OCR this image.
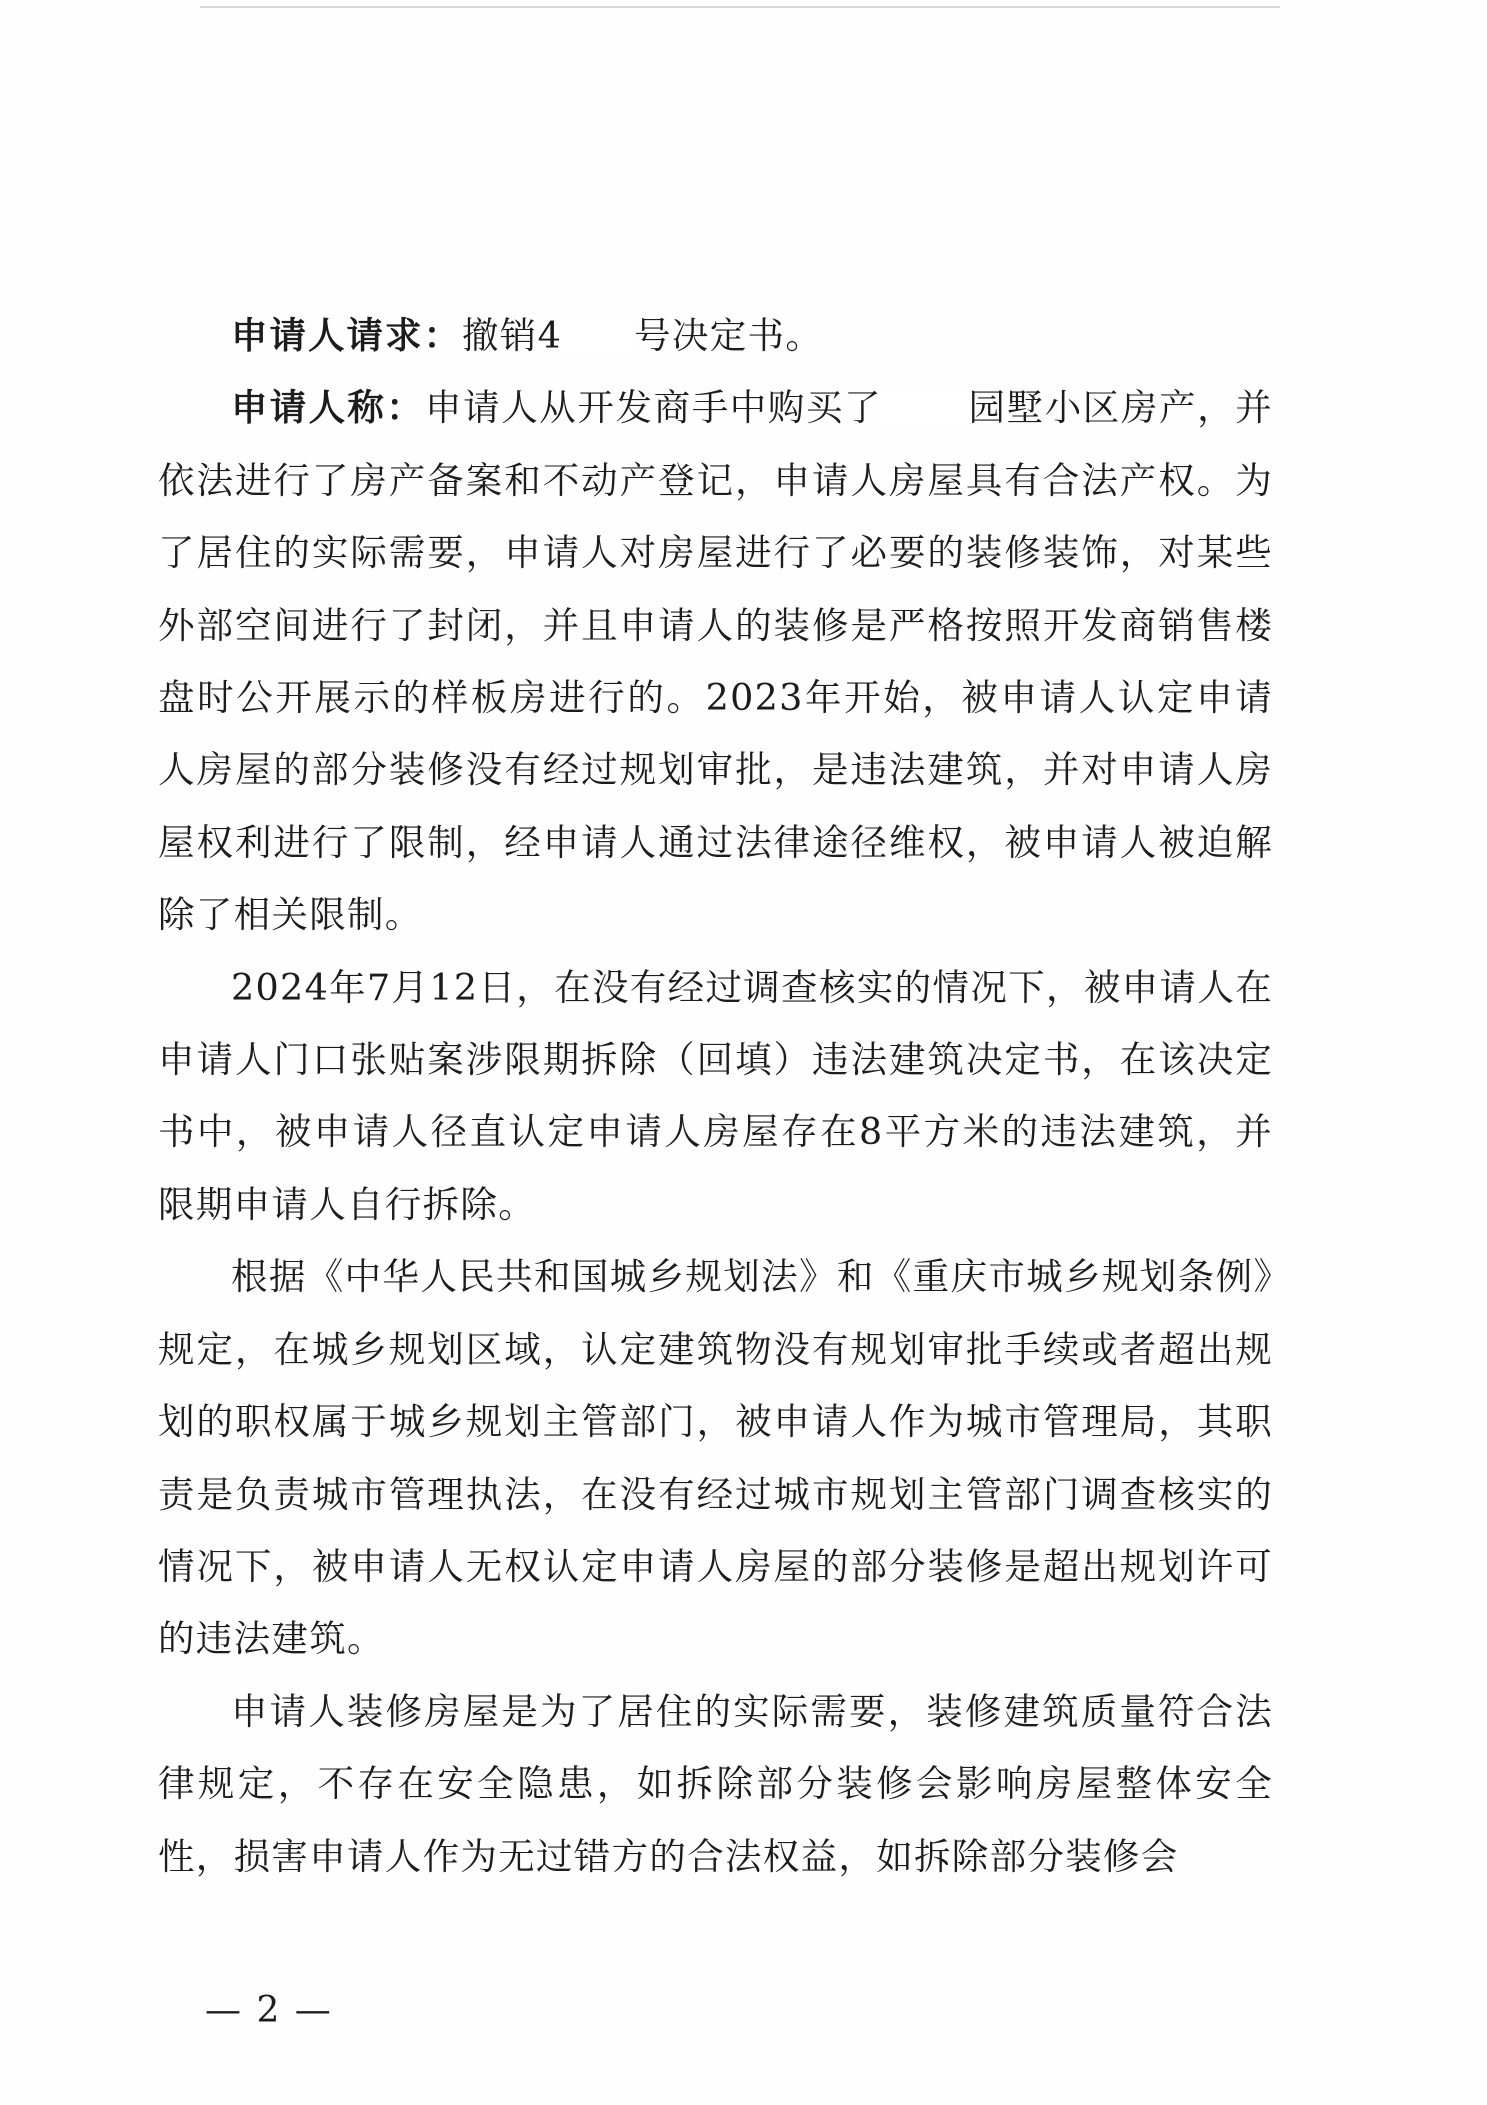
申请人请求：撤销4 号决定书。

申请人称：申请人从开发商手中购买了 园墅小区房产，并依法进行了房产备案和不动产登记，申请人房屋具有合法产权。为了居住的实际需要，申请人对房屋进行了必要的装修装饰，对某些外部空间进行了封闭，并且申请人的装修是严格按照开发商销售楼盘时公开展示的样板房进行的。2023年开始，被申请人认定申请人房屋的部分装修没有经过规划审批，是违法建筑，并对申请人房屋权利进行了限制，经申请人通过法律途径维权，被申请人被迫解除了相关限制。

2024年7月12日，在没有经过调查核实的情况下，被申请人在申请人门口张贴案涉限期拆除（回填）违法建筑决定书，在该决定书中，被申请人径直认定申请人房屋存在8平方米的违法建筑，并限期申请人自行拆除。

根据《中华人民共和国城乡规划法》和《重庆市城乡规划条例》规定，在城乡规划区域，认定建筑物没有规划审批手续或者超出规划的职权属于城乡规划主管部门，被申请人作为城市管理局，其职责是负责城市管理执法，在没有经过城市规划主管部门调查核实的情况下，被申请人无权认定申请人房屋的部分装修是超出规划许可的违法建筑。

申请人装修房屋是为了居住的实际需要，装修建筑质量符合法律规定，不存在安全隐患，如拆除部分装修会影响房屋整体安全性，损害申请人作为无过错方的合法权益，如拆除部分装修会

— 2 —
